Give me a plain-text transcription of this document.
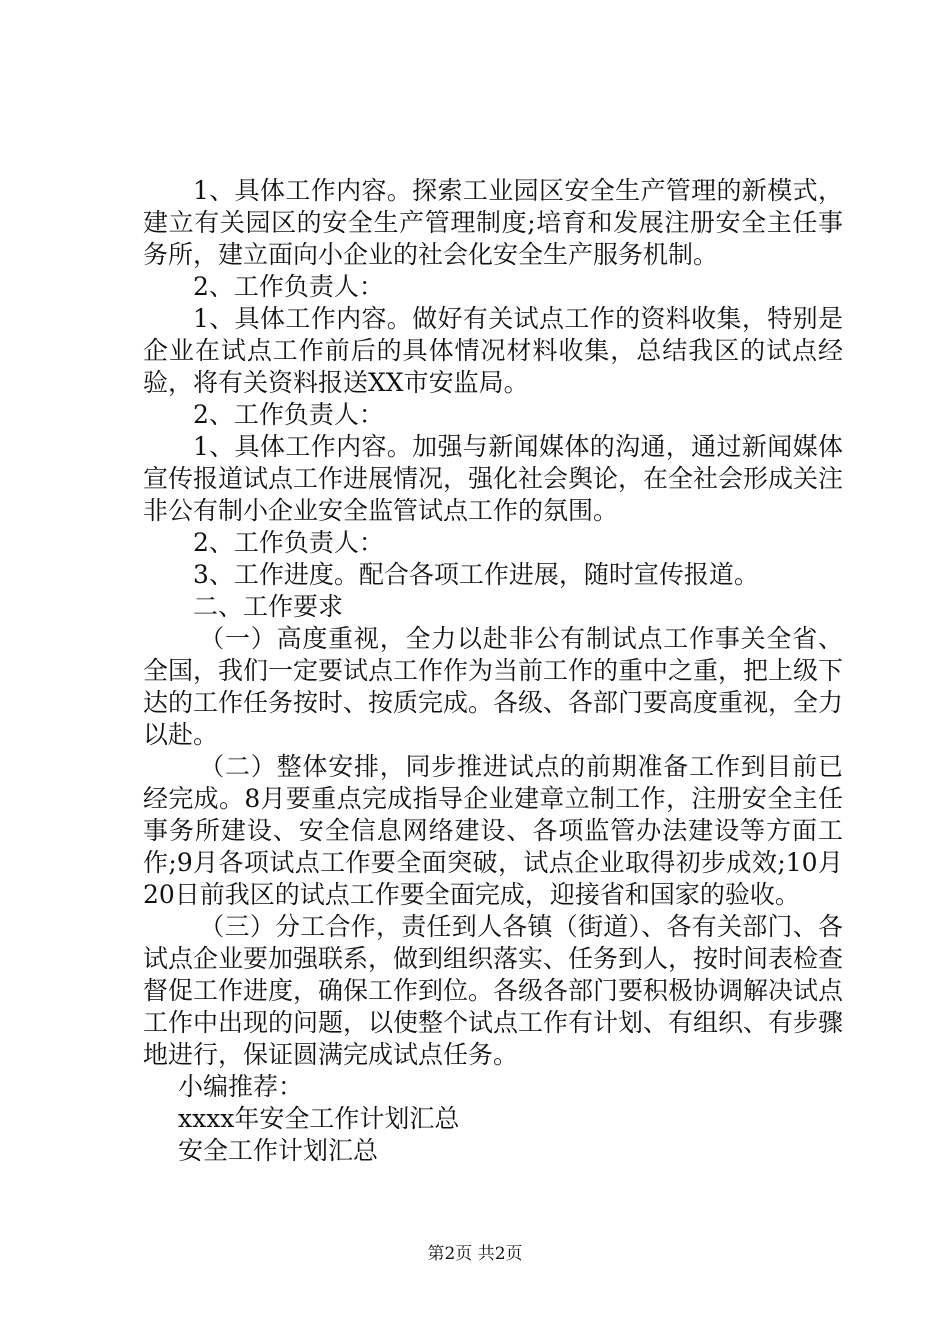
1、具体工作内容。探索工业园区安全生产管理的新模式，建立有关园区的安全生产管理制度;培育和发展注册安全主任事务所，建立面向小企业的社会化安全生产服务机制。

2、工作负责人：

1、具体工作内容。做好有关试点工作的资料收集，特别是企业在试点工作前后的具体情况材料收集，总结我区的试点经验，将有关资料报送XX市安监局。

2、工作负责人：

1、具体工作内容。加强与新闻媒体的沟通，通过新闻媒体宣传报道试点工作进展情况，强化社会舆论，在全社会形成关注非公有制小企业安全监管试点工作的氛围。

2、工作负责人：

3、工作进度。配合各项工作进展，随时宣传报道。

二、工作要求

（一）高度重视，全力以赴非公有制试点工作事关全省、全国，我们一定要试点工作作为当前工作的重中之重，把上级下达的工作任务按时、按质完成。各级、各部门要高度重视，全力以赴。

（二）整体安排，同步推进试点的前期准备工作到目前已经完成。8月要重点完成指导企业建章立制工作，注册安全主任事务所建设、安全信息网络建设、各项监管办法建设等方面工作;9月各项试点工作要全面突破，试点企业取得初步成效;10月20日前我区的试点工作要全面完成，迎接省和国家的验收。

（三）分工合作，责任到人各镇（街道）、各有关部门、各试点企业要加强联系，做到组织落实、任务到人，按时间表检查督促工作进度，确保工作到位。各级各部门要积极协调解决试点工作中出现的问题，以使整个试点工作有计划、有组织、有步骤地进行，保证圆满完成试点任务。

小编推荐：

xxxx年安全工作计划汇总

安全工作计划汇总

第2页 共2页
